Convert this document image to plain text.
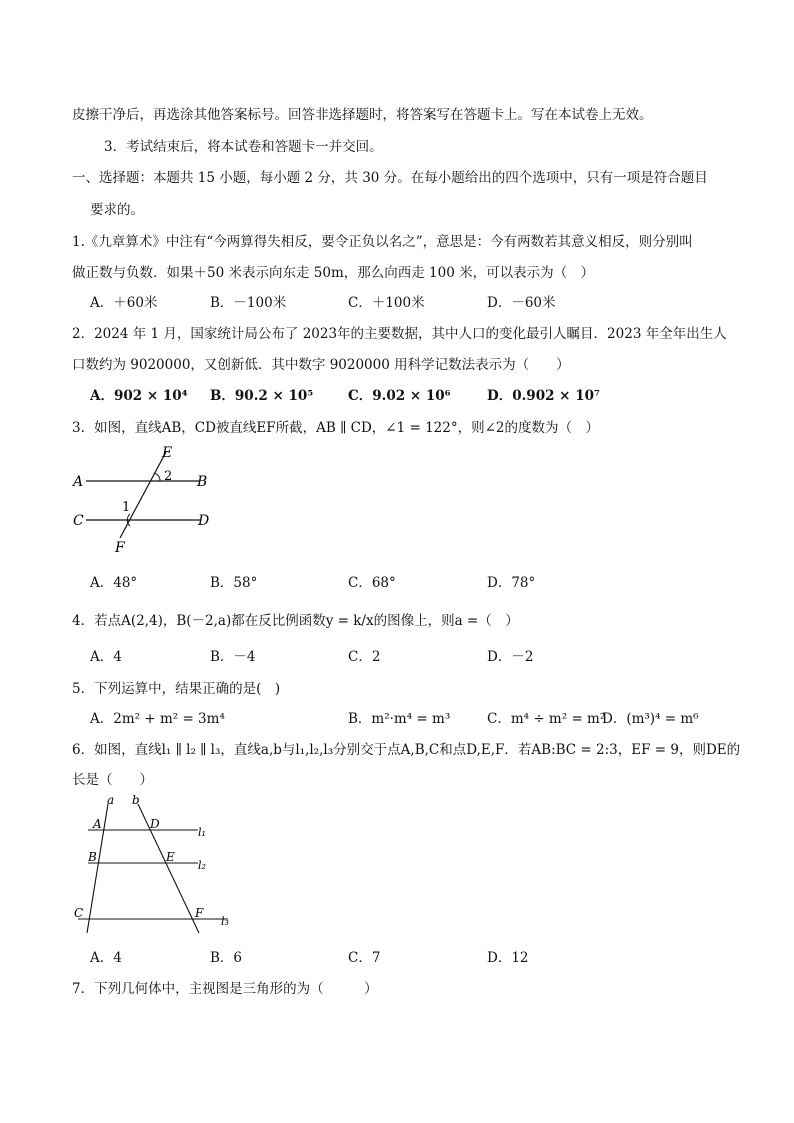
皮擦干净后，再选涂其他答案标号。回答非选择题时，将答案写在答题卡上。写在本试卷上无效。
3．考试结束后，将本试卷和答题卡一并交回。
一、选择题：本题共 15 小题，每小题 2 分，共 30 分。在每小题给出的四个选项中，只有一项是符合题目
要求的。
1.《九章算术》中注有“今两算得失相反，要令正负以名之”，意思是：今有两数若其意义相反，则分别叫
做正数与负数．如果＋50 米表示向东走 50m，那么向西走 100 米，可以表示为（　）
A．＋60米	B．－100米	C．＋100米	D．－60米
2．2024 年 1 月，国家统计局公布了 2023年的主要数据，其中人口的变化最引人瞩目．2023 年全年出生人
口数约为 9020000，又创新低．其中数字 9020000 用科学记数法表示为（　　）
A．902 × 10⁴ B．90.2 × 10⁵	C．9.02 × 10⁶	D．0.902 × 10⁷
3．如图，直线AB，CD被直线EF所截，AB ∥ CD，∠1 = 122°，则∠2的度数为（　）
E
2
A	B
1
C	D
F
A．48°	B．58°	C．68°	D．78°
4．若点A(2,4)，B(－2,a)都在反比例函数y = k/x的图像上，则a =（　）
A．4	B．－4	C．2	D．－2
5．下列运算中，结果正确的是(　)
A．2m² + m² = 3m⁴	B．m²·m⁴ = m³	C．m⁴ ÷ m² = m²
D．(m³)⁴ = m⁶
6．如图，直线l₁ ∥ l₂ ∥ l₃，直线a,b与l₁,l₂,l₃分别交于点A,B,C和点D,E,F．若AB:BC = 2:3，EF = 9，则DE的
长是（　　）
a b
A	D
l₁
B	E
l₂
C	F
l₃
A．4	B．6	C．7	D．12
7．下列几何体中，主视图是三角形的为（　　　）
